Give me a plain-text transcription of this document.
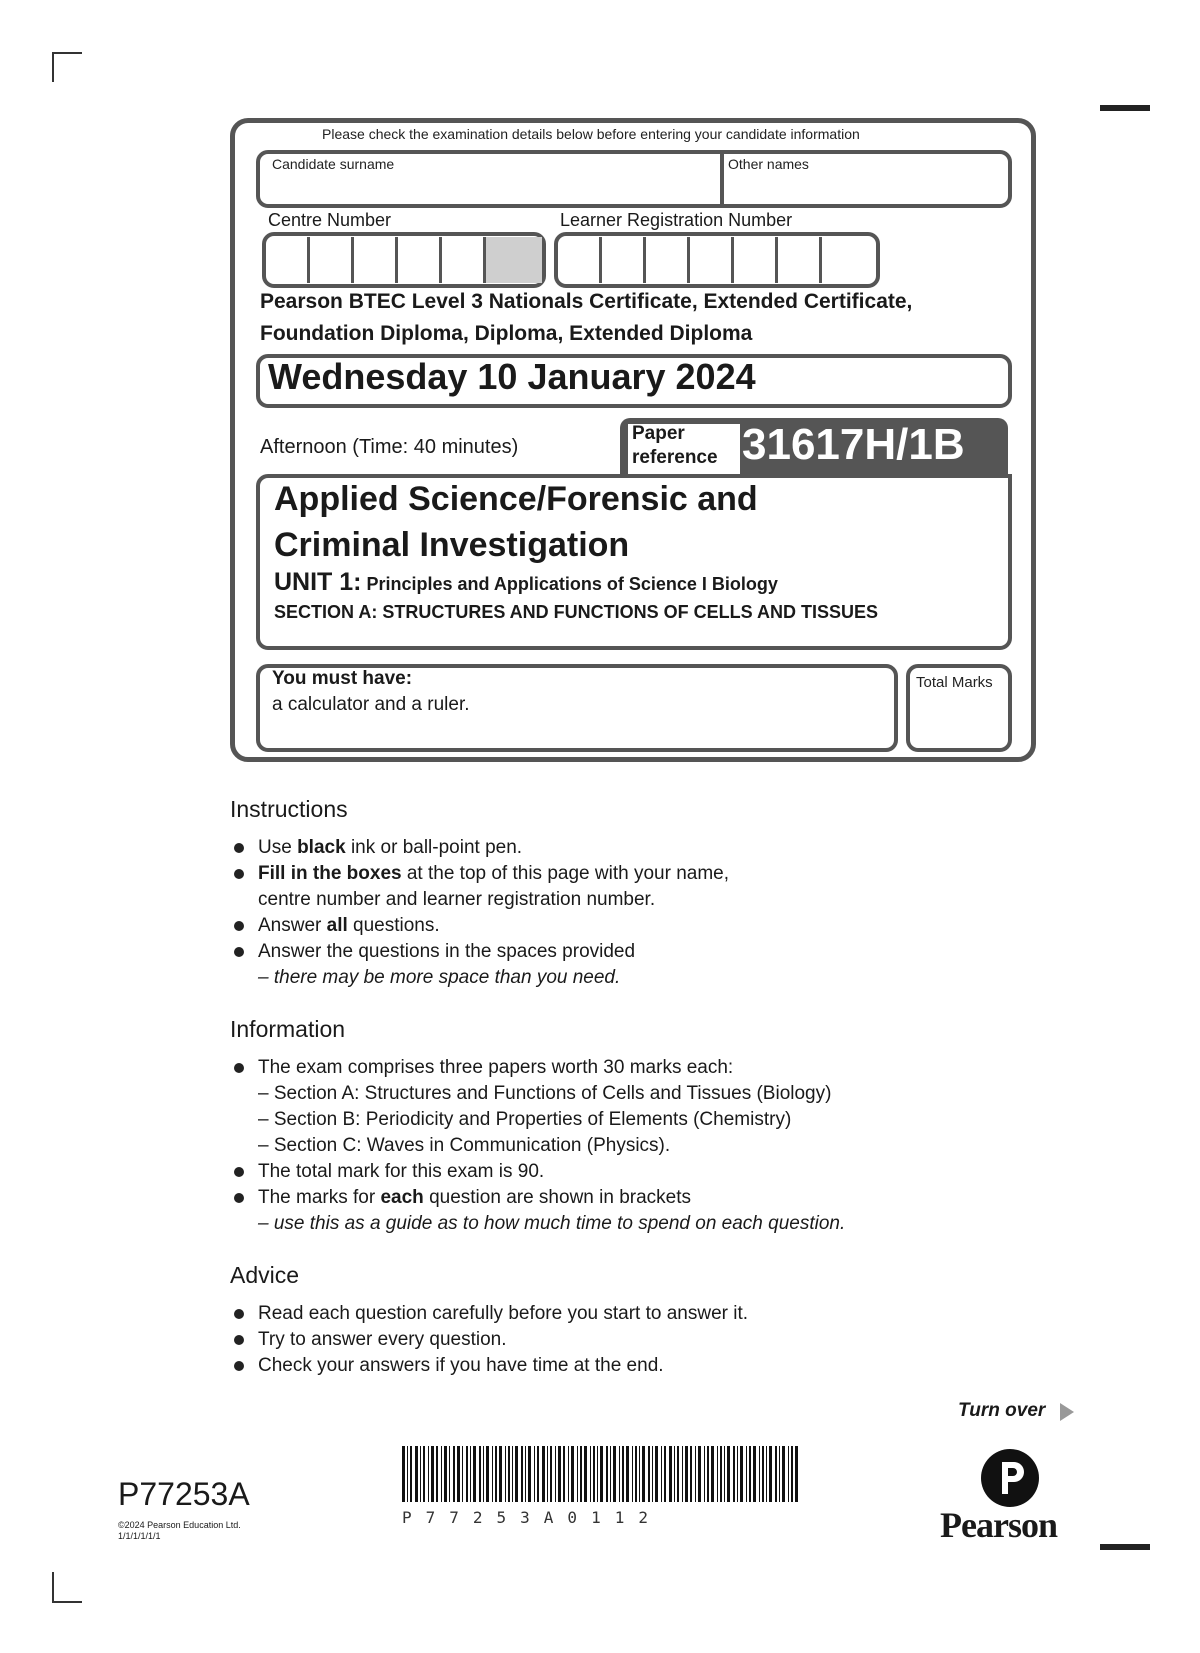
Please check the examination details below before entering your candidate information
Candidate surname	Other names
Centre Number	Learner Registration Number
Pearson BTEC Level 3 Nationals Certificate, Extended Certificate,
Foundation Diploma, Diploma, Extended Diploma
Wednesday 10 January 2024
Afternoon (Time: 40 minutes)
Paper
reference 31617H/1B
Applied Science/Forensic and
Criminal Investigation
UNIT 1: Principles and Applications of Science I Biology
SECTION A: STRUCTURES AND FUNCTIONS OF CELLS AND TISSUES
You must have:
a calculator and a ruler.
Total Marks
Instructions
Use black ink or ball-point pen.
Fill in the boxes at the top of this page with your name,
centre number and learner registration number.
Answer all questions.
Answer the questions in the spaces provided
– there may be more space than you need.
Information
The exam comprises three papers worth 30 marks each:
– Section A: Structures and Functions of Cells and Tissues (Biology)
– Section B: Periodicity and Properties of Elements (Chemistry)
– Section C: Waves in Communication (Physics).
The total mark for this exam is 90.
The marks for each question are shown in brackets
– use this as a guide as to how much time to spend on each question.
Advice
Read each question carefully before you start to answer it.
Try to answer every question.
Check your answers if you have time at the end.
Turn over
P77253A
©2024 Pearson Education Ltd.
1/1/1/1/1/1
P77253A0112	Pearson
